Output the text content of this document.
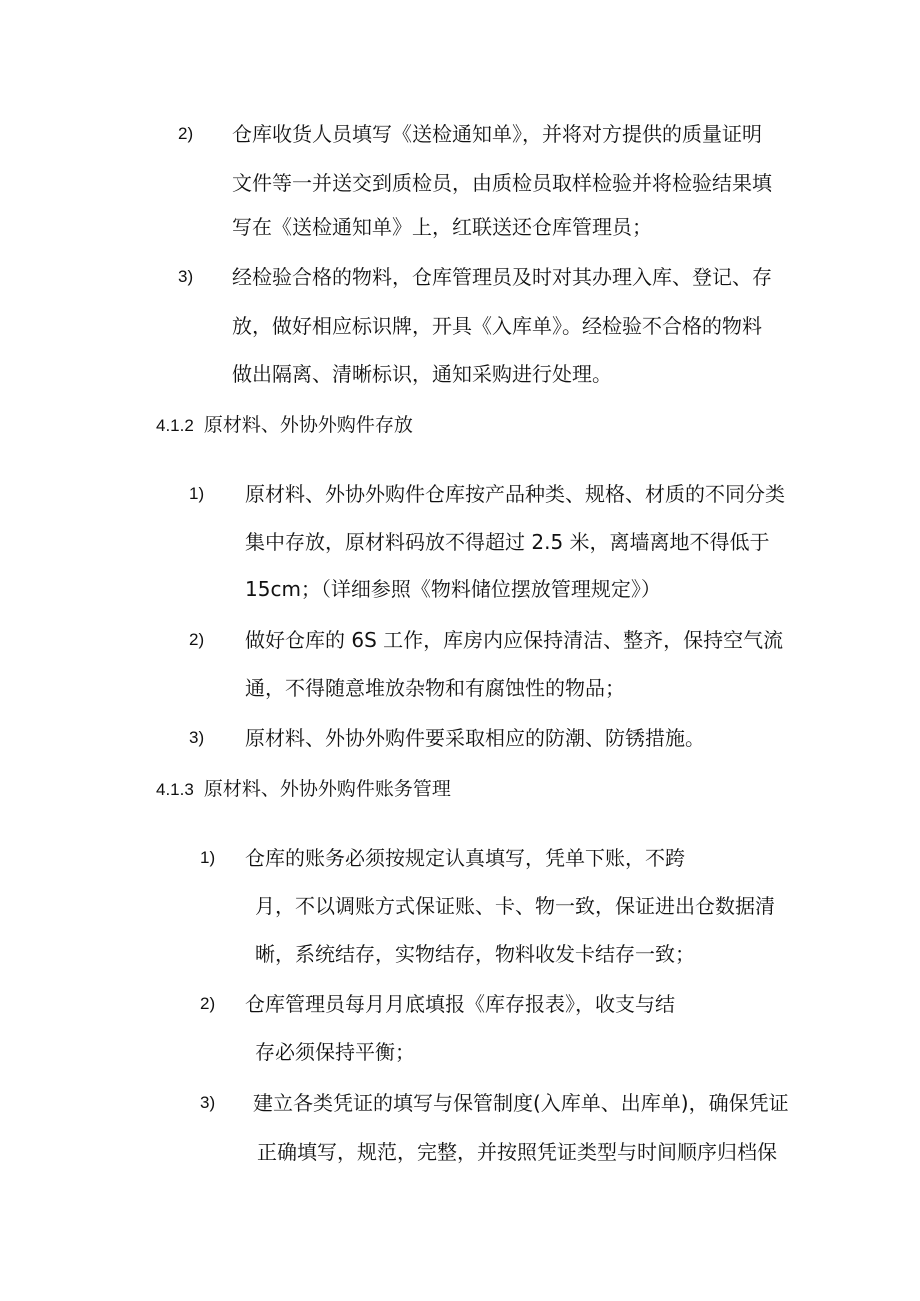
2) 仓库收货人员填写《送检通知单》，并将对方提供的质量证明
文件等一并送交到质检员，由质检员取样检验并将检验结果填
写在《送检通知单》上，红联送还仓库管理员；
3) 经检验合格的物料，仓库管理员及时对其办理入库、登记、存
放，做好相应标识牌，开具《入库单》。经检验不合格的物料
做出隔离、清晰标识，通知采购进行处理。
4.1.2 原材料、外协外购件存放
1) 原材料、外协外购件仓库按产品种类、规格、材质的不同分类
集中存放，原材料码放不得超过 2.5 米，离墙离地不得低于
15cm；（详细参照《物料储位摆放管理规定》）
2) 做好仓库的 6S 工作，库房内应保持清洁、整齐，保持空气流
通，不得随意堆放杂物和有腐蚀性的物品；
3) 原材料、外协外购件要采取相应的防潮、防锈措施。
4.1.3 原材料、外协外购件账务管理
1) 仓库的账务必须按规定认真填写，凭单下账，不跨
月，不以调账方式保证账、卡、物一致，保证进出仓数据清
晰，系统结存，实物结存，物料收发卡结存一致；
2) 仓库管理员每月月底填报《库存报表》，收支与结
存必须保持平衡；
3) 建立各类凭证的填写与保管制度(入库单、出库单)，确保凭证
正确填写，规范，完整，并按照凭证类型与时间顺序归档保
